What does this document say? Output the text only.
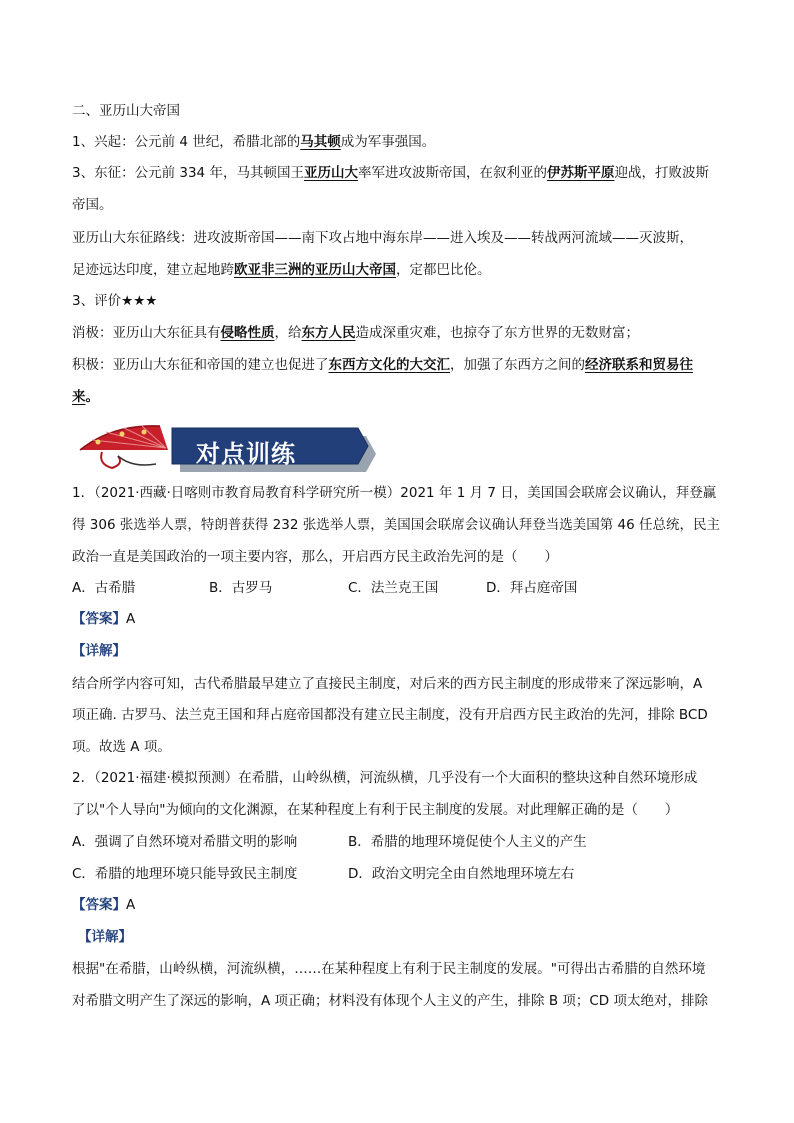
二、亚历山大帝国
1、兴起：公元前 4 世纪，希腊北部的马其顿成为军事强国。
3、东征：公元前 334 年，马其顿国王亚历山大率军进攻波斯帝国，在叙利亚的伊苏斯平原迎战，打败波斯
帝国。
亚历山大东征路线：进攻波斯帝国——南下攻占地中海东岸——进入埃及——转战两河流域——灭波斯，
足迹远达印度，建立起地跨欧亚非三洲的亚历山大帝国，定都巴比伦。
3、评价★★★
消极：亚历山大东征具有侵略性质，给东方人民造成深重灾难，也掠夺了东方世界的无数财富；
积极：亚历山大东征和帝国的建立也促进了东西方文化的大交汇，加强了东西方之间的经济联系和贸易往
来。
对点训练
1．（2021·西藏·日喀则市教育局教育科学研究所一模）2021 年 1 月 7 日，美国国会联席会议确认，拜登赢
得 306 张选举人票，特朗普获得 232 张选举人票，美国国会联席会议确认拜登当选美国第 46 任总统，民主
政治一直是美国政治的一项主要内容，那么，开启西方民主政治先河的是（　　）
A．古希腊	B．古罗马	C．法兰克王国	D．拜占庭帝国
【答案】A
【详解】
结合所学内容可知，古代希腊最早建立了直接民主制度，对后来的西方民主制度的形成带来了深远影响，A
项正确. 古罗马、法兰克王国和拜占庭帝国都没有建立民主制度，没有开启西方民主政治的先河，排除 BCD
项。故选 A 项。
2．（2021·福建·模拟预测）在希腊，山岭纵横，河流纵横，几乎没有一个大面积的整块这种自然环境形成
了以"个人导向"为倾向的文化渊源，在某种程度上有利于民主制度的发展。对此理解正确的是（　　）
A．强调了自然环境对希腊文明的影响	B．希腊的地理环境促使个人主义的产生
C．希腊的地理环境只能导致民主制度	D．政治文明完全由自然地理环境左右
【答案】A
【详解】
根据"在希腊，山岭纵横，河流纵横，……在某种程度上有利于民主制度的发展。"可得出古希腊的自然环境
对希腊文明产生了深远的影响，A 项正确；材料没有体现个人主义的产生，排除 B 项；CD 项太绝对，排除
